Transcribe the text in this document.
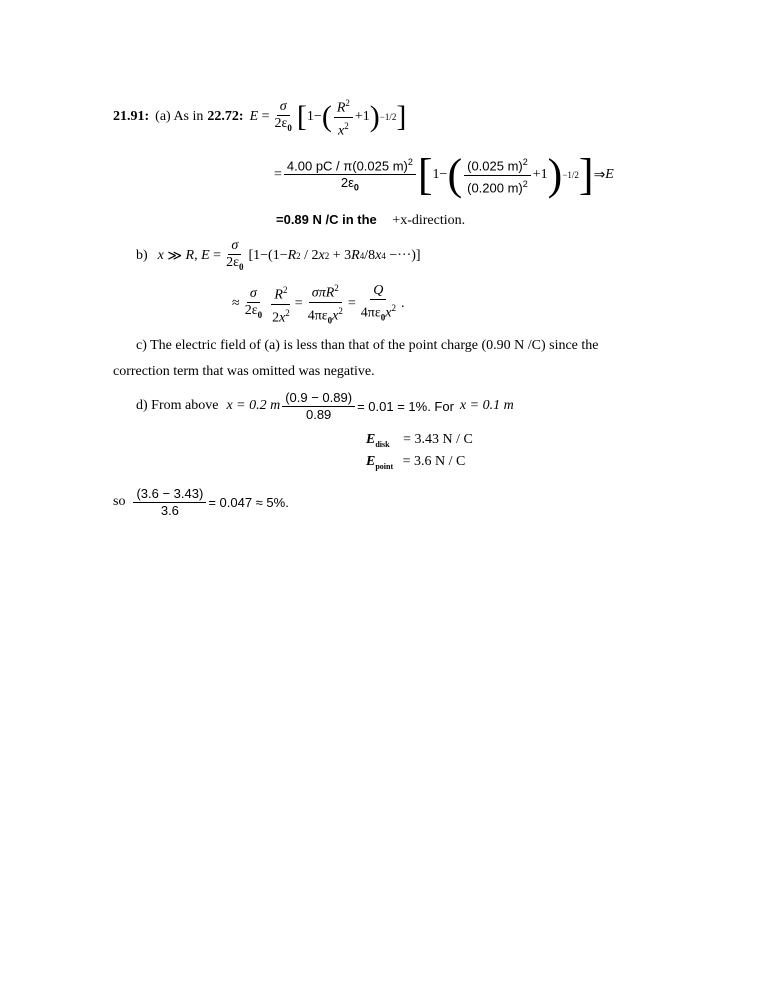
21.91: (a) As in 22.72: $E = \frac{\sigma}{2\varepsilon_0}$ [ 1− ( $\frac{R^2}{x^2} +1$ ) −1/2 ]
= $\frac{4.00 pC / \pi(0.025 m)^2}{2\varepsilon_0}$ [ 1− ( $\frac{(0.025 m)^2}{(0.200 m)^2} +1$ ) −1/2 ] ⇒ E
=0.89 N /C in the +x-direction.
b) x ≫ R , $E = \frac{\sigma}{2\varepsilon_0} [1-(1- R$ 2 / 2 x 2 + 3 R 4 /8 x 4 −···)]
≈ $\frac{\sigma}{2\varepsilon_0} \frac{R^2}{2x^2} = \frac{\sigma\pi R^2}{4\pi\varepsilon_0x^2} = \frac{Q}{4\pi\varepsilon_0x^2}$ .
c) The electric field of (a) is less than that of the point charge (0.90 N /C) since the
correction term that was omitted was negative.
d) From above x = 0.2 m $\frac{(0.9 - 0.89)}{0.89} = 0.01 = 1\%$. For x = 0.1 m
$E_{disk} = 3.43$ N / C
$E_{point} = 3.6$ N / C
so $\frac{(3.6 - 3.43)}{3.6} = 0.047 \approx 5\%$.
